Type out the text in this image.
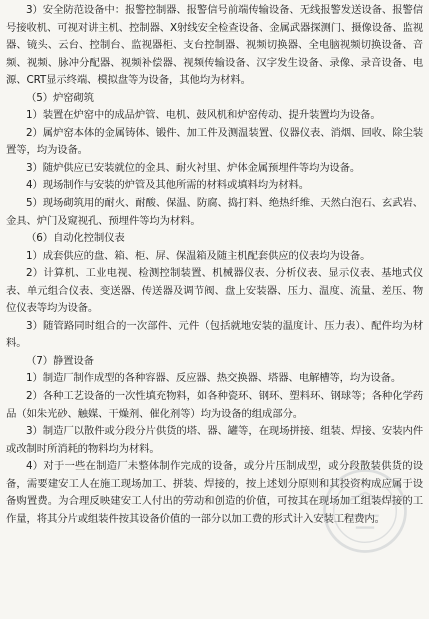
3）安全防范设备中：报警控制器、报警信号前端传输设备、无线报警发送设备、报警信号接收机、可视对讲主机、控制器、X射线安全检查设备、金属武器探测门、摄像设备、监视器、镜头、云台、控制台、监视器柜、支台控制器、视频切换器、全电脑视频切换设备、音频、视频、脉冲分配器、视频补偿器、视频传输设备、汉字发生设备、录像、录音设备、电源、CRT显示终端、模拟盘等为设备，其他均为材料。

（5）炉窑砌筑

1）装置在炉窑中的成品炉管、电机、鼓风机和炉窑传动、提升装置均为设备。

2）属炉窑本体的金属铸体、锻件、加工件及测温装置、仪器仪表、消烟、回收、除尘装置等，均为设备。

3）随炉供应已安装就位的金具、耐火衬里、炉体金属预埋件等均为设备。

4）现场制作与安装的炉管及其他所需的材料或填料均为材料。

5）现场砌筑用的耐火、耐酸、保温、防腐、捣打料、绝热纤维、天然白泡石、玄武岩、金具、炉门及窥视孔、预埋件等均为材料。

（6）自动化控制仪表

1）成套供应的盘、箱、柜、屏、保温箱及随主机配套供应的仪表均为设备。

2）计算机、工业电视、检测控制装置、机械器仪表、分析仪表、显示仪表、基地式仪表、单元组合仪表、变送器、传送器及调节阀、盘上安装器、压力、温度、流量、差压、物位仪表等均为设备。

3）随管路同时组合的一次部件、元件（包括就地安装的温度计、压力表）、配件均为材料。

（7）静置设备

1）制造厂制作成型的各种容器、反应器、热交换器、塔器、电解槽等，均为设备。

2）各种工艺设备的一次性填充物料，如各种瓷环、钢环、塑料环、钢球等；各种化学药品（如朱光砂、触媒、干燥剂、催化剂等）均为设备的组成部分。

3）制造厂以散件或分段分片供货的塔、器、罐等，在现场拼接、组装、焊接、安装内件或改制时所消耗的物料均为材料。

4）对于一些在制造厂未整体制作完成的设备，或分片压制成型，或分段散装供货的设备，需要建安工人在施工现场加工、拼装、焊接的，按上述划分原则和其投资构成应属于设备购置费。为合理反映建安工人付出的劳动和创造的价值，可按其在现场加工组装焊接的工作量，将其分片或组装件按其设备价值的一部分以加工费的形式计入安装工程费内。
